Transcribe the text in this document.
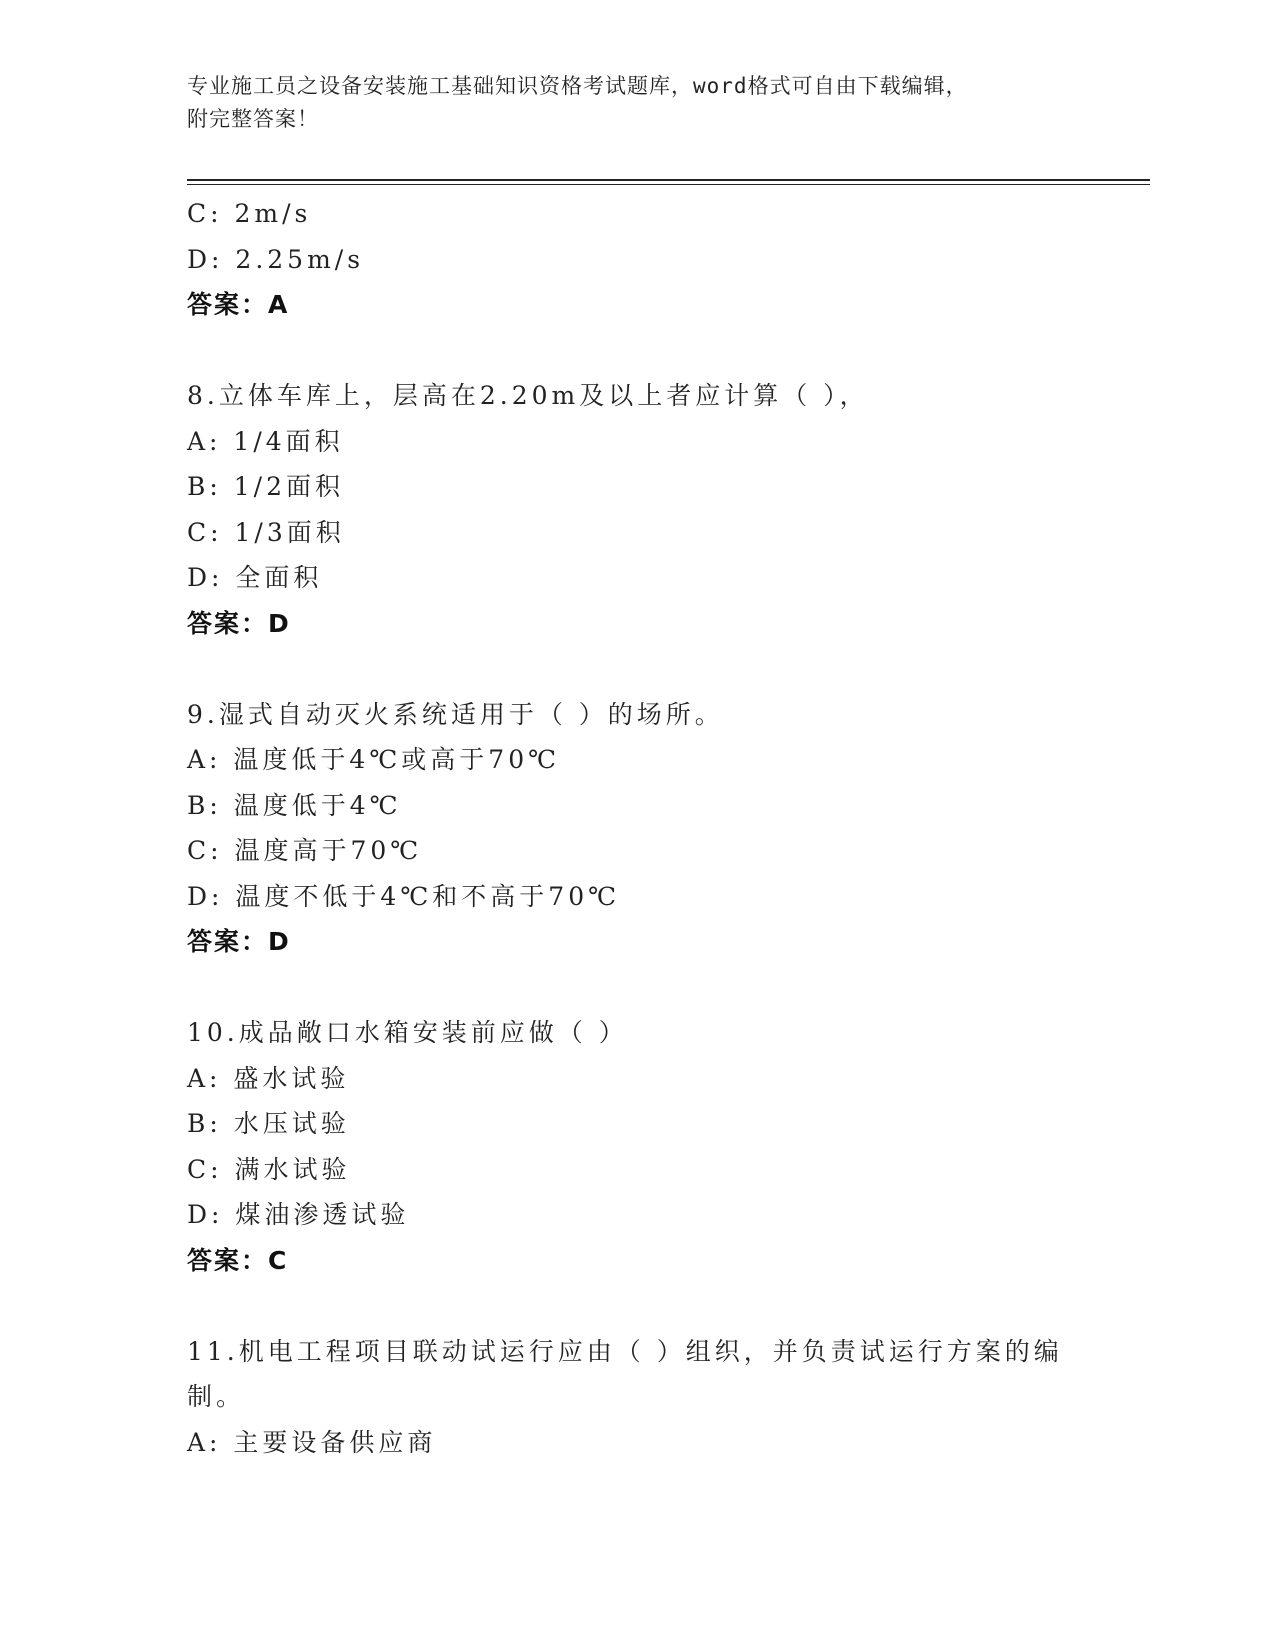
专业施工员之设备安装施工基础知识资格考试题库，word格式可自由下载编辑，
附完整答案！
C: 2m/s
D: 2.25m/s
答案：A
8.立体车库上，层高在2.20m及以上者应计算（ ），
A: 1/4面积
B: 1/2面积
C: 1/3面积
D: 全面积
答案：D
9.湿式自动灭火系统适用于（ ）的场所。
A: 温度低于4℃或高于70℃
B: 温度低于4℃
C: 温度高于70℃
D: 温度不低于4℃和不高于70℃
答案：D
10.成品敞口水箱安装前应做（ ）
A: 盛水试验
B: 水压试验
C: 满水试验
D: 煤油渗透试验
答案：C
11.机电工程项目联动试运行应由（ ）组织，并负责试运行方案的编
制。
A: 主要设备供应商
